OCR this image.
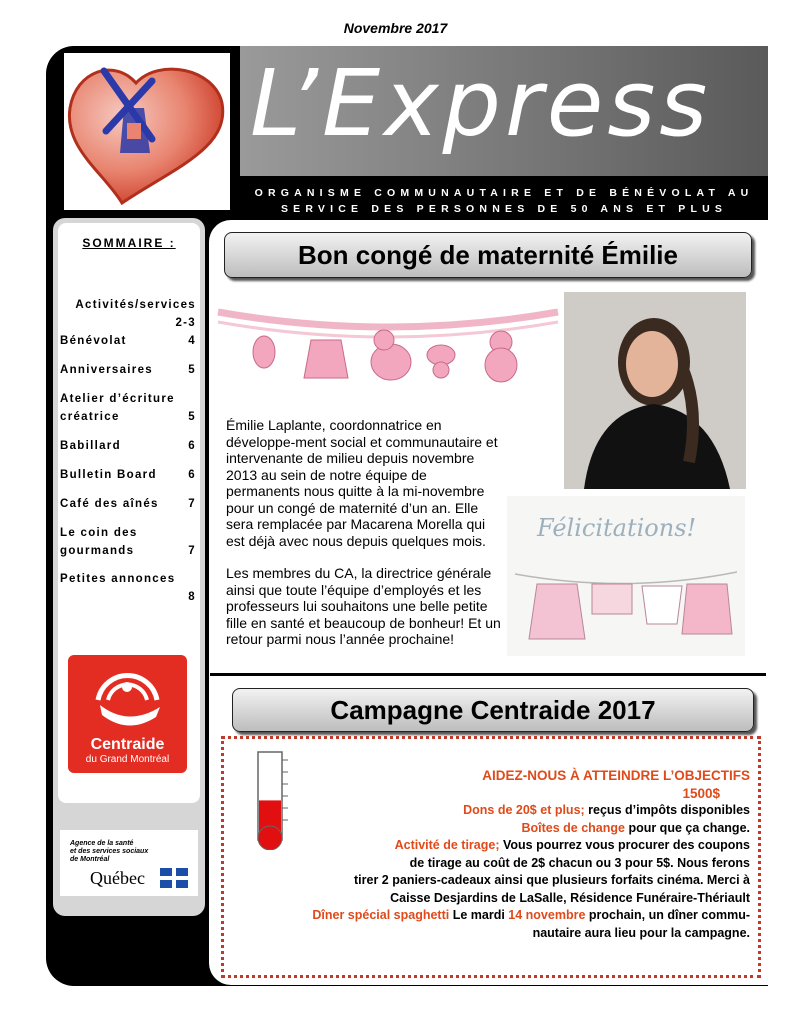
Novembre 2017
L’Express
ORGANISME COMMUNAUTAIRE ET DE BÉNÉVOLAT AU
SERVICE DES PERSONNES DE 50 ANS ET PLUS
SOMMAIRE :
Activités/services
2-3
4
Bénévolat
5
Anniversaires
Atelier d’écriture créatrice	5
6
Babillard
6
Bulletin Board
7
Café des aînés
Le coin des gourmands	7
Petites annonces
8
Centraide
du Grand Montréal
Agence de la santé
et des services sociaux
de Montréal
Québec
Bon congé de maternité Émilie
Émilie Laplante, coordonnatrice en développe-ment social et communautaire et intervenante de milieu depuis novembre 2013 au sein de notre équipe de permanents nous quitte à la mi-novembre pour un congé de maternité d’un an. Elle sera remplacée par Macarena Morella qui est déjà avec nous depuis quelques mois.
Les membres du CA, la directrice générale ainsi que toute l’équipe d’employés et les professeurs lui souhaitons une belle petite fille en santé et beaucoup de bonheur! Et un retour parmi nous l’année prochaine!
Félicitations!
Campagne Centraide 2017
AIDEZ-NOUS À ATTEINDRE L’OBJECTIFS
1500$
Dons de 20$ et plus; reçus d’impôts disponibles
Boîtes de change pour que ça change.
Activité de tirage; Vous pourrez vous procurer des coupons
de tirage au coût de 2$ chacun ou 3 pour 5$. Nous ferons
tirer 2 paniers-cadeaux ainsi que plusieurs forfaits cinéma. Merci à
Caisse Desjardins de LaSalle, Résidence Funéraire-Thériault
Dîner spécial spaghetti Le mardi 14 novembre prochain, un dîner commu-
nautaire aura lieu pour la campagne.
